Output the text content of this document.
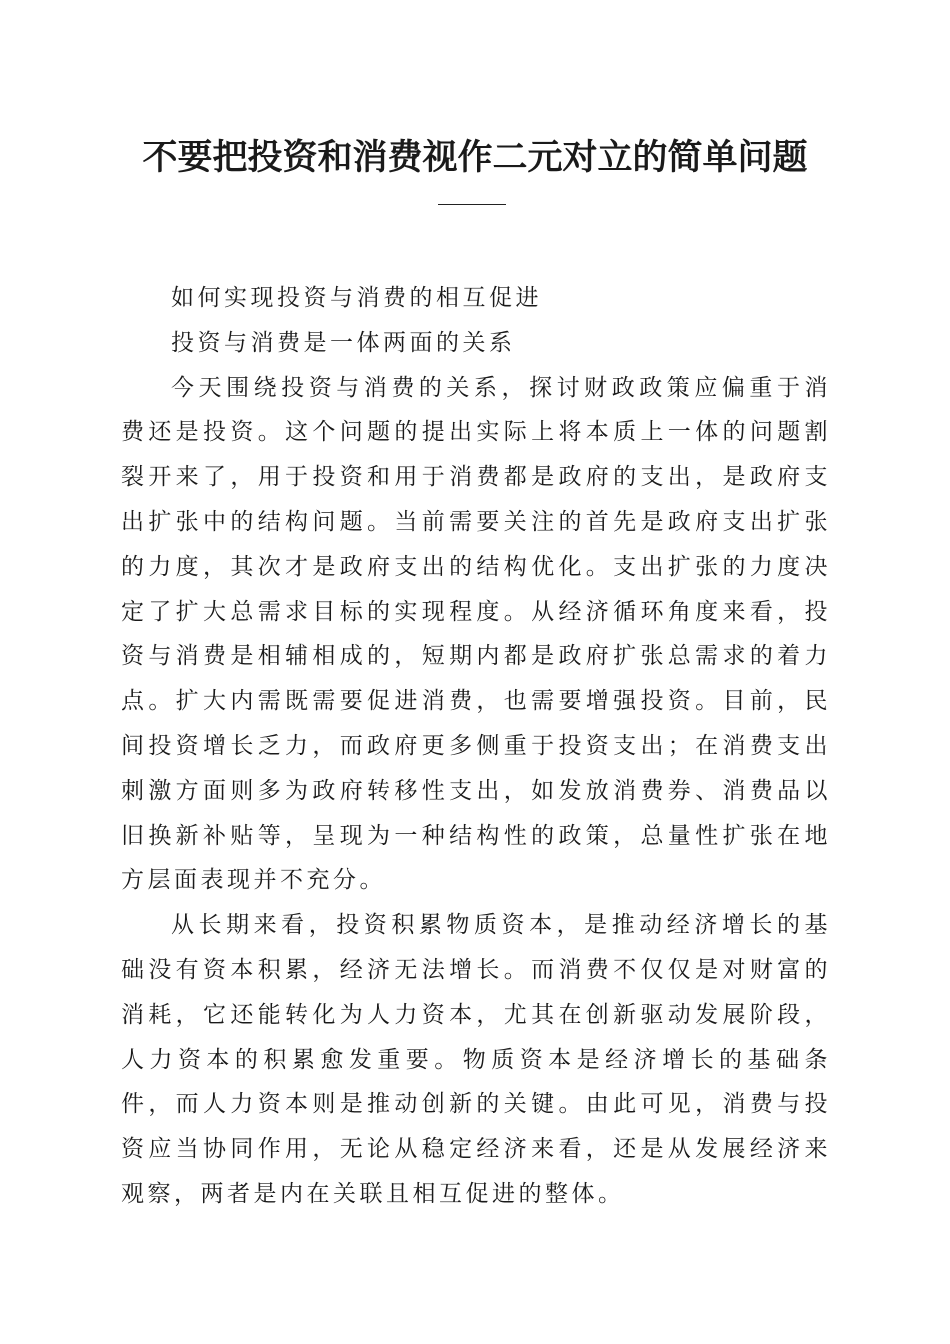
不要把投资和消费视作二元对立的简单问题

如何实现投资与消费的相互促进

投资与消费是一体两面的关系

今天围绕投资与消费的关系，探讨财政政策应偏重于消费还是投资。这个问题的提出实际上将本质上一体的问题割裂开来了，用于投资和用于消费都是政府的支出，是政府支出扩张中的结构问题。当前需要关注的首先是政府支出扩张的力度，其次才是政府支出的结构优化。支出扩张的力度决定了扩大总需求目标的实现程度。从经济循环角度来看，投资与消费是相辅相成的，短期内都是政府扩张总需求的着力点。扩大内需既需要促进消费，也需要增强投资。目前，民间投资增长乏力，而政府更多侧重于投资支出；在消费支出刺激方面则多为政府转移性支出，如发放消费券、消费品以旧换新补贴等，呈现为一种结构性的政策，总量性扩张在地方层面表现并不充分。

从长期来看，投资积累物质资本，是推动经济增长的基础没有资本积累，经济无法增长。而消费不仅仅是对财富的消耗，它还能转化为人力资本，尤其在创新驱动发展阶段，人力资本的积累愈发重要。物质资本是经济增长的基础条件，而人力资本则是推动创新的关键。由此可见，消费与投资应当协同作用，无论从稳定经济来看，还是从发展经济来观察，两者是内在关联且相互促进的整体。
